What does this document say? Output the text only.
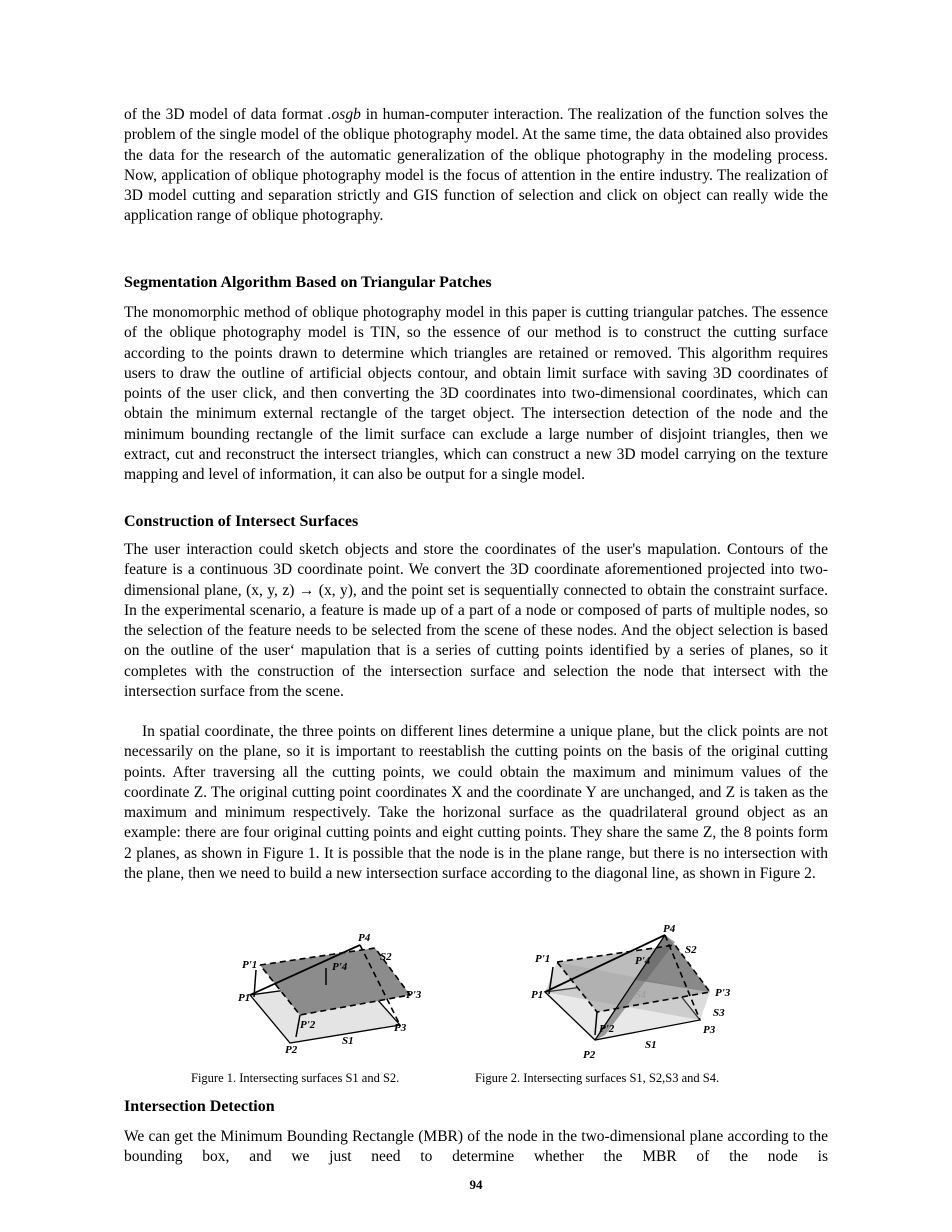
of the 3D model of data format .osgb in human-computer interaction. The realization of the function solves the problem of the single model of the oblique photography model. At the same time, the data obtained also provides the data for the research of the automatic generalization of the oblique photography in the modeling process. Now, application of oblique photography model is the focus of attention in the entire industry. The realization of 3D model cutting and separation strictly and GIS function of selection and click on object can really wide the application range of oblique photography.

Segmentation Algorithm Based on Triangular Patches

The monomorphic method of oblique photography model in this paper is cutting triangular patches. The essence of the oblique photography model is TIN, so the essence of our method is to construct the cutting surface according to the points drawn to determine which triangles are retained or removed. This algorithm requires users to draw the outline of artificial objects contour, and obtain limit surface with saving 3D coordinates of points of the user click, and then converting the 3D coordinates into two-dimensional coordinates, which can obtain the minimum external rectangle of the target object. The intersection detection of the node and the minimum bounding rectangle of the limit surface can exclude a large number of disjoint triangles, then we extract, cut and reconstruct the intersect triangles, which can construct a new 3D model carrying on the texture mapping and level of information, it can also be output for a single model.

Construction of Intersect Surfaces

The user interaction could sketch objects and store the coordinates of the user's mapulation. Contours of the feature is a continuous 3D coordinate point. We convert the 3D coordinate aforementioned projected into two-dimensional plane, (x, y, z) → (x, y), and the point set is sequentially connected to obtain the constraint surface. In the experimental scenario, a feature is made up of a part of a node or composed of parts of multiple nodes, so the selection of the feature needs to be selected from the scene of these nodes. And the object selection is based on the outline of the user‘ mapulation that is a series of cutting points identified by a series of planes, so it completes with the construction of the intersection surface and selection the node that intersect with the intersection surface from the scene.

In spatial coordinate, the three points on different lines determine a unique plane, but the click points are not necessarily on the plane, so it is important to reestablish the cutting points on the basis of the original cutting points. After traversing all the cutting points, we could obtain the maximum and minimum values of the coordinate Z. The original cutting point coordinates X and the coordinate Y are unchanged, and Z is taken as the maximum and minimum respectively. Take the horizonal surface as the quadrilateral ground object as an example: there are four original cutting points and eight cutting points. They share the same Z, the 8 points form 2 planes, as shown in Figure 1. It is possible that the node is in the plane range, but there is no intersection with the plane, then we need to build a new intersection surface according to the diagonal line, as shown in Figure 2.

P4
S2
P'1	P'4
P1	P'3
P'2	P3
P2
S1
P4
S2
P'1	P'4
S4
P1	P'3
S3
P'2	P3
P2
S1
Figure 1. Intersecting surfaces S1 and S2.	Figure 2. Intersecting surfaces S1, S2,S3 and S4.
Intersection Detection

We can get the Minimum Bounding Rectangle (MBR) of the node in the two-dimensional plane according to the bounding box, and we just need to determine whether the MBR of the node is

94
